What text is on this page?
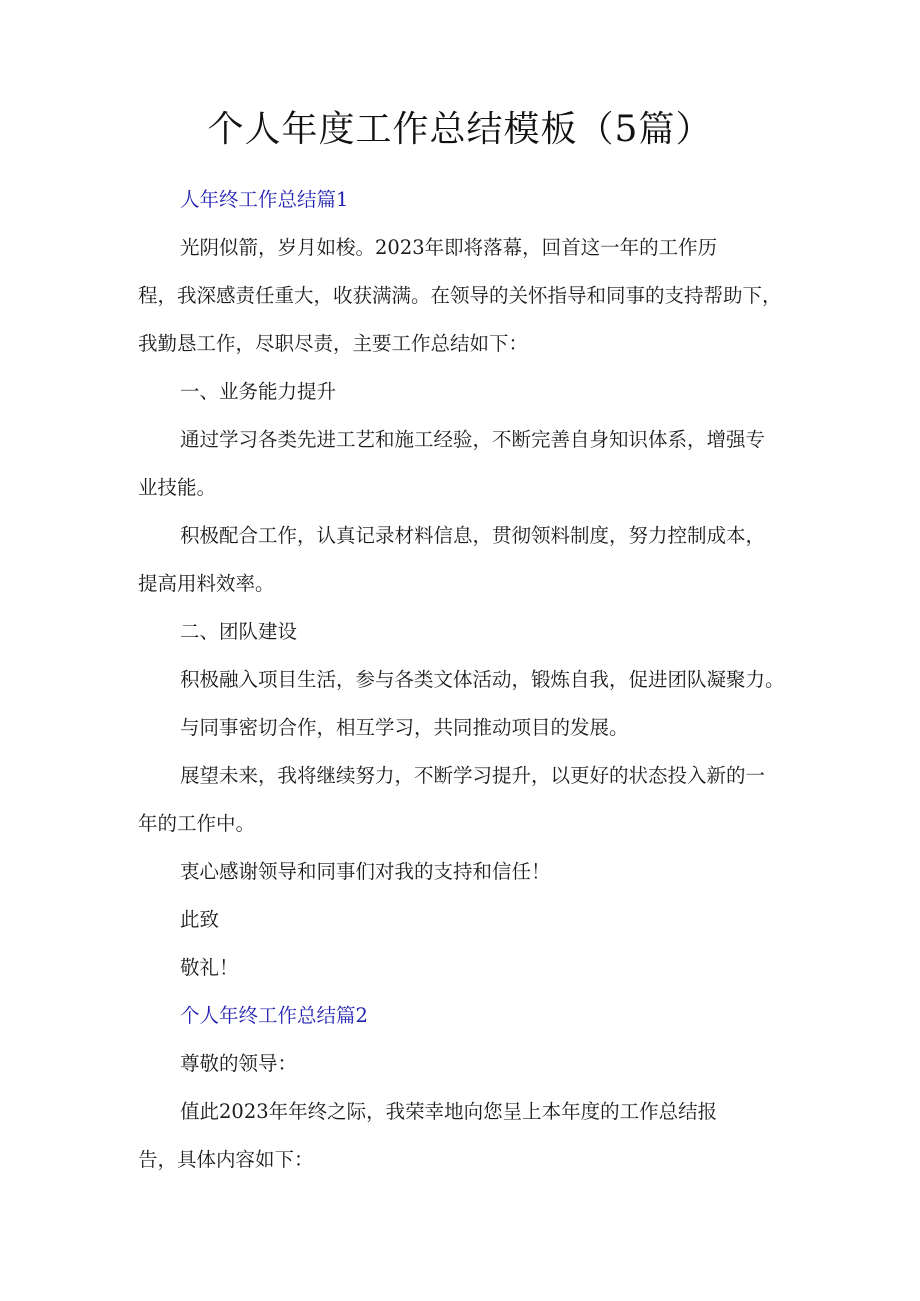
个人年度工作总结模板（5篇）
人年终工作总结篇1
光阴似箭，岁月如梭。2023年即将落幕，回首这一年的工作历
程，我深感责任重大，收获满满。在领导的关怀指导和同事的支持帮助下，
我勤恳工作，尽职尽责，主要工作总结如下：
一、业务能力提升
通过学习各类先进工艺和施工经验，不断完善自身知识体系，增强专
业技能。
积极配合工作，认真记录材料信息，贯彻领料制度，努力控制成本，
提高用料效率。
二、团队建设
积极融入项目生活，参与各类文体活动，锻炼自我，促进团队凝聚力。
与同事密切合作，相互学习，共同推动项目的发展。
展望未来，我将继续努力，不断学习提升，以更好的状态投入新的一
年的工作中。
衷心感谢领导和同事们对我的支持和信任！
此致
敬礼！
个人年终工作总结篇2
尊敬的领导：
值此2023年年终之际，我荣幸地向您呈上本年度的工作总结报
告，具体内容如下：
